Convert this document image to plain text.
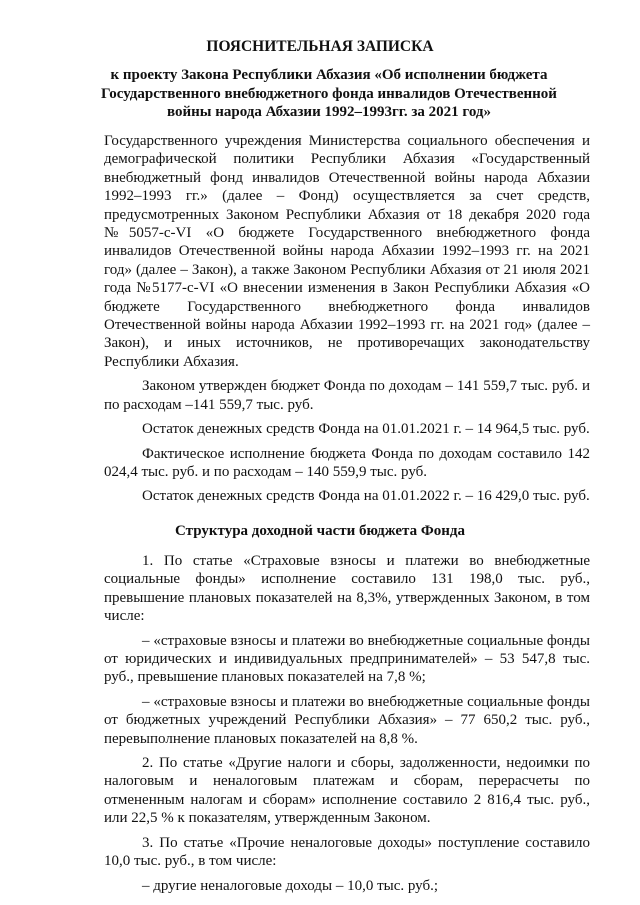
ПОЯСНИТЕЛЬНАЯ ЗАПИСКА
к проекту Закона Республики Абхазия «Об исполнении бюджета Государственного внебюджетного фонда инвалидов Отечественной войны народа Абхазии 1992–1993гг. за 2021 год»

Государственного учреждения Министерства социального обеспечения и демографической политики Республики Абхазия «Государственный внебюджетный фонд инвалидов Отечественной войны народа Абхазии 1992–1993 гг.» (далее – Фонд) осуществляется за счет средств, предусмотренных Законом Республики Абхазия от 18 декабря 2020 года №5057-с-VI «О бюджете Государственного внебюджетного фонда инвалидов Отечественной войны народа Абхазии 1992–1993 гг. на 2021 год» (далее – Закон), а также Законом Республики Абхазия от 21 июля 2021 года №5177-с-VI «О внесении изменения в Закон Республики Абхазия «О бюджете Государственного внебюджетного фонда инвалидов Отечественной войны народа Абхазии 1992–1993 гг. на 2021 год» (далее – Закон), и иных источников, не противоречащих законодательству Республики Абхазия.

Законом утвержден бюджет Фонда по доходам – 141 559,7 тыс. руб. и по расходам –141 559,7 тыс. руб.

Остаток денежных средств Фонда на 01.01.2021 г. – 14 964,5 тыс. руб.

Фактическое исполнение бюджета Фонда по доходам составило 142 024,4 тыс. руб. и по расходам – 140 559,9 тыс. руб.

Остаток денежных средств Фонда на 01.01.2022 г. – 16 429,0 тыс. руб.

Структура доходной части бюджета Фонда

1. По статье «Страховые взносы и платежи во внебюджетные социальные фонды» исполнение составило 131 198,0 тыс. руб., превышение плановых показателей на 8,3%, утвержденных Законом, в том числе:

– «страховые взносы и платежи во внебюджетные социальные фонды от юридических и индивидуальных предпринимателей» – 53 547,8 тыс. руб., превышение плановых показателей на 7,8 %;

– «страховые взносы и платежи во внебюджетные социальные фонды от бюджетных учреждений Республики Абхазия» – 77 650,2 тыс. руб., перевыполнение плановых показателей на 8,8 %.

2. По статье «Другие налоги и сборы, задолженности, недоимки по налоговым и неналоговым платежам и сборам, перерасчеты по отмененным налогам и сборам» исполнение составило 2 816,4 тыс. руб., или 22,5 % к показателям, утвержденным Законом.

3. По статье «Прочие неналоговые доходы» поступление составило 10,0 тыс. руб., в том числе:

– другие неналоговые доходы – 10,0 тыс. руб.;
